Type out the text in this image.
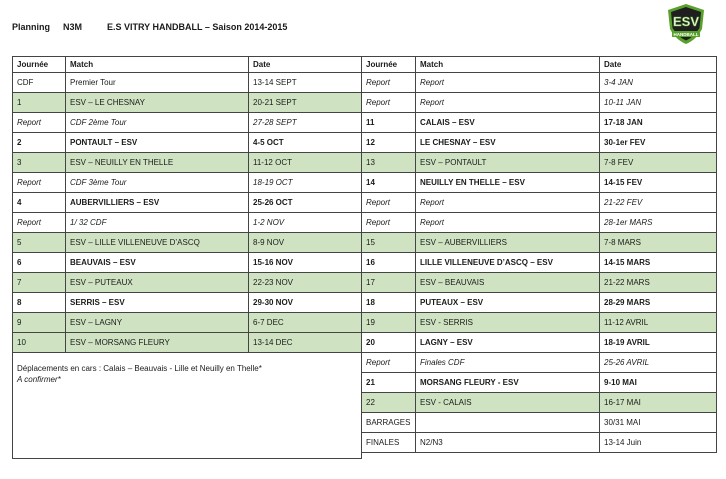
Planning N3M	E.S VITRY HANDBALL – Saison 2014-2015	ESV
HANDBALL
Journée	Match	Date
CDF	Premier Tour	13-14 SEPT
1	ESV – LE CHESNAY	20-21 SEPT
Report	CDF 2ème Tour	27-28 SEPT
2	PONTAULT – ESV	4-5 OCT
3	ESV – NEUILLY EN THELLE	11-12 OCT
Report	CDF 3ème Tour	18-19 OCT
4	AUBERVILLIERS – ESV	25-26 OCT
Report	1/ 32 CDF	1-2 NOV
5	ESV – LILLE VILLENEUVE D’ASCQ	8-9 NOV
6	BEAUVAIS – ESV	15-16 NOV
7	ESV – PUTEAUX	22-23 NOV
8	SERRIS – ESV	29-30 NOV
9	ESV – LAGNY	6-7 DEC
10	ESV – MORSANG FLEURY	13-14 DEC

Déplacements en cars : Calais – Beauvais - Lille et Neuilly en Thelle*
A confirmer*		
Journée	Match	Date
Report	Report	3-4 JAN
Report	Report	10-11 JAN
11	CALAIS – ESV	17-18 JAN
12	LE CHESNAY – ESV	30-1er FEV
13	ESV – PONTAULT	7-8 FEV
14	NEUILLY EN THELLE – ESV	14-15 FEV
Report	Report	21-22 FEV
Report	Report	28-1er MARS
15	ESV – AUBERVILLIERS	7-8 MARS
16	LILLE VILLENEUVE D’ASCQ – ESV	14-15 MARS
17	ESV – BEAUVAIS	21-22 MARS
18	PUTEAUX – ESV	28-29 MARS
19	ESV - SERRIS	11-12 AVRIL
20	LAGNY – ESV	18-19 AVRIL
Report	Finales CDF	25-26 AVRIL
21	MORSANG FLEURY - ESV	9-10 MAI
22	ESV - CALAIS	16-17 MAI
BARRAGES		30/31 MAI
FINALES	N2/N3	13-14 Juin
